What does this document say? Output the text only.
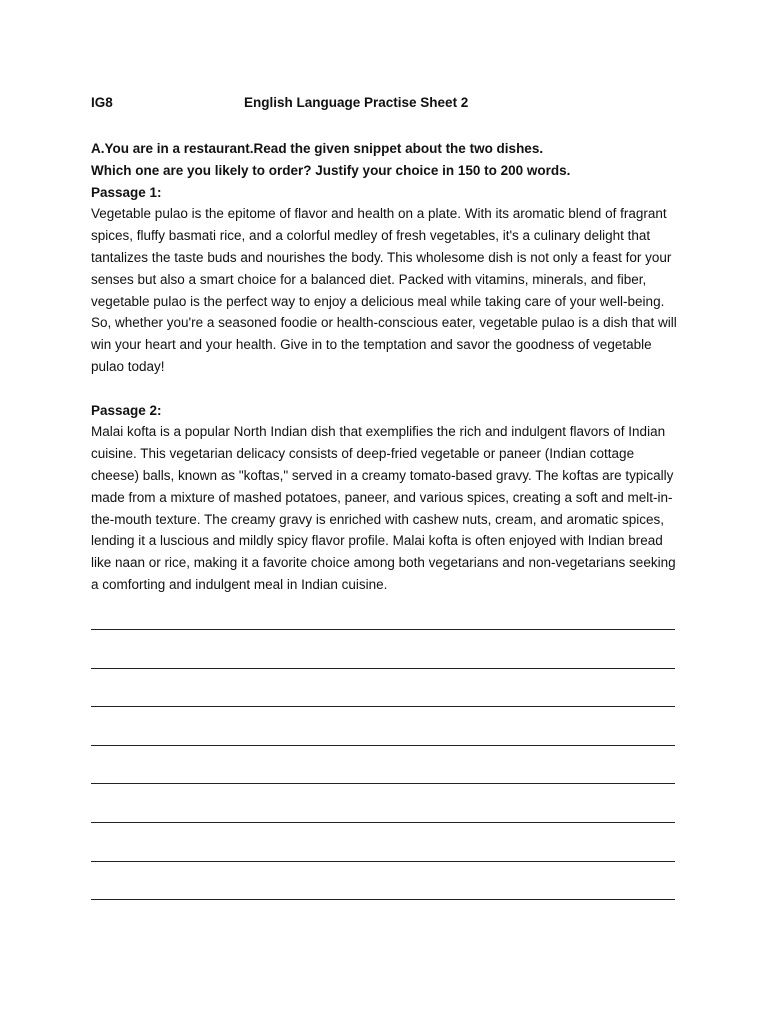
IG8	English Language Practise Sheet 2
A.You are in a restaurant.Read the given snippet about the two dishes.
Which one are you likely to order? Justify your choice in 150 to 200 words.
Passage 1:

Vegetable pulao is the epitome of flavor and health on a plate. With its aromatic blend of fragrant spices, fluffy basmati rice, and a colorful medley of fresh vegetables, it's a culinary delight that tantalizes the taste buds and nourishes the body. This wholesome dish is not only a feast for your senses but also a smart choice for a balanced diet. Packed with vitamins, minerals, and fiber, vegetable pulao is the perfect way to enjoy a delicious meal while taking care of your well-being. So, whether you're a seasoned foodie or health-conscious eater, vegetable pulao is a dish that will win your heart and your health. Give in to the temptation and savor the goodness of vegetable pulao today!

Passage 2:

Malai kofta is a popular North Indian dish that exemplifies the rich and indulgent flavors of Indian cuisine. This vegetarian delicacy consists of deep-fried vegetable or paneer (Indian cottage cheese) balls, known as "koftas," served in a creamy tomato-based gravy. The koftas are typically made from a mixture of mashed potatoes, paneer, and various spices, creating a soft and melt-in-the-mouth texture. The creamy gravy is enriched with cashew nuts, cream, and aromatic spices, lending it a luscious and mildly spicy flavor profile. Malai kofta is often enjoyed with Indian bread like naan or rice, making it a favorite choice among both vegetarians and non-vegetarians seeking a comforting and indulgent meal in Indian cuisine.
